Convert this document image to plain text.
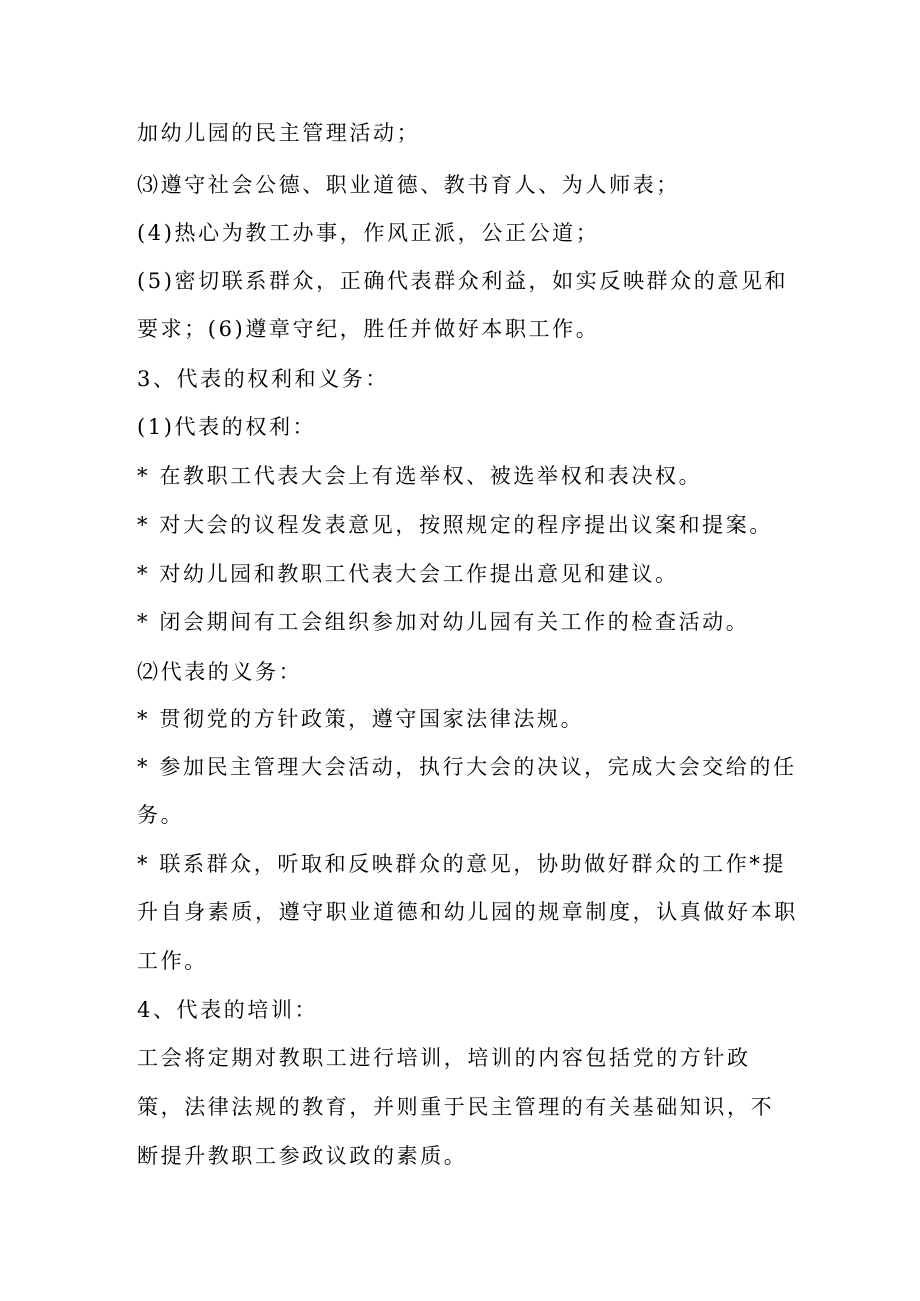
加幼儿园的民主管理活动；
⑶遵守社会公德、职业道德、教书育人、为人师表；
(4)热心为教工办事，作风正派，公正公道；
(5)密切联系群众，正确代表群众利益，如实反映群众的意见和
要求；(6)遵章守纪，胜任并做好本职工作。
3、代表的权利和义务：
(1)代表的权利：
* 在教职工代表大会上有选举权、被选举权和表决权。
* 对大会的议程发表意见，按照规定的程序提出议案和提案。
* 对幼儿园和教职工代表大会工作提出意见和建议。
* 闭会期间有工会组织参加对幼儿园有关工作的检查活动。
⑵代表的义务：
* 贯彻党的方针政策，遵守国家法律法规。
* 参加民主管理大会活动，执行大会的决议，完成大会交给的任
务。
* 联系群众，听取和反映群众的意见，协助做好群众的工作*提
升自身素质，遵守职业道德和幼儿园的规章制度，认真做好本职
工作。
4、代表的培训：
工会将定期对教职工进行培训，培训的内容包括党的方针政
策，法律法规的教育，并则重于民主管理的有关基础知识，不
断提升教职工参政议政的素质。
